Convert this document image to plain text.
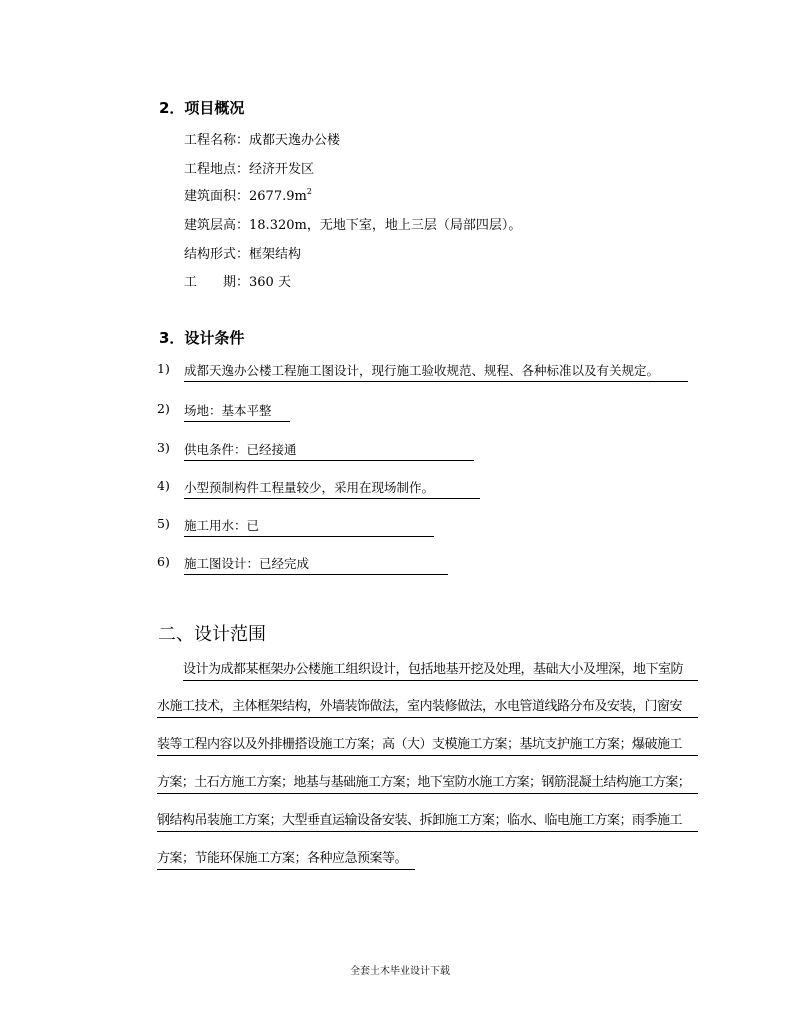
2．项目概况
工程名称：成都天逸办公楼
工程地点：经济开发区
建筑面积：$2677.9m^2$
建筑层高：18.320m，无地下室，地上三层（局部四层）。
结构形式：框架结构
工　　期：360 天
3．设计条件
1) 成都天逸办公楼工程施工图设计，现行施工验收规范、规程、各种标准以及有关规定。
2) 场地：基本平整
3) 供电条件：已经接通
4) 小型预制构件工程量较少，采用在现场制作。
5) 施工用水：已
6) 施工图设计：已经完成
二、设计范围
设计为成都某框架办公楼施工组织设计，包括地基开挖及处理，基础大小及埋深，地下室防
水施工技术，主体框架结构，外墙装饰做法，室内装修做法，水电管道线路分布及安装，门窗安
装等工程内容以及外排栅搭设施工方案；高（大）支模施工方案；基坑支护施工方案；爆破施工
方案；土石方施工方案；地基与基础施工方案；地下室防水施工方案；钢筋混凝土结构施工方案；
钢结构吊装施工方案；大型垂直运输设备安装、拆卸施工方案；临水、临电施工方案；雨季施工
方案；节能环保施工方案；各种应急预案等。
全套土木毕业设计下载
